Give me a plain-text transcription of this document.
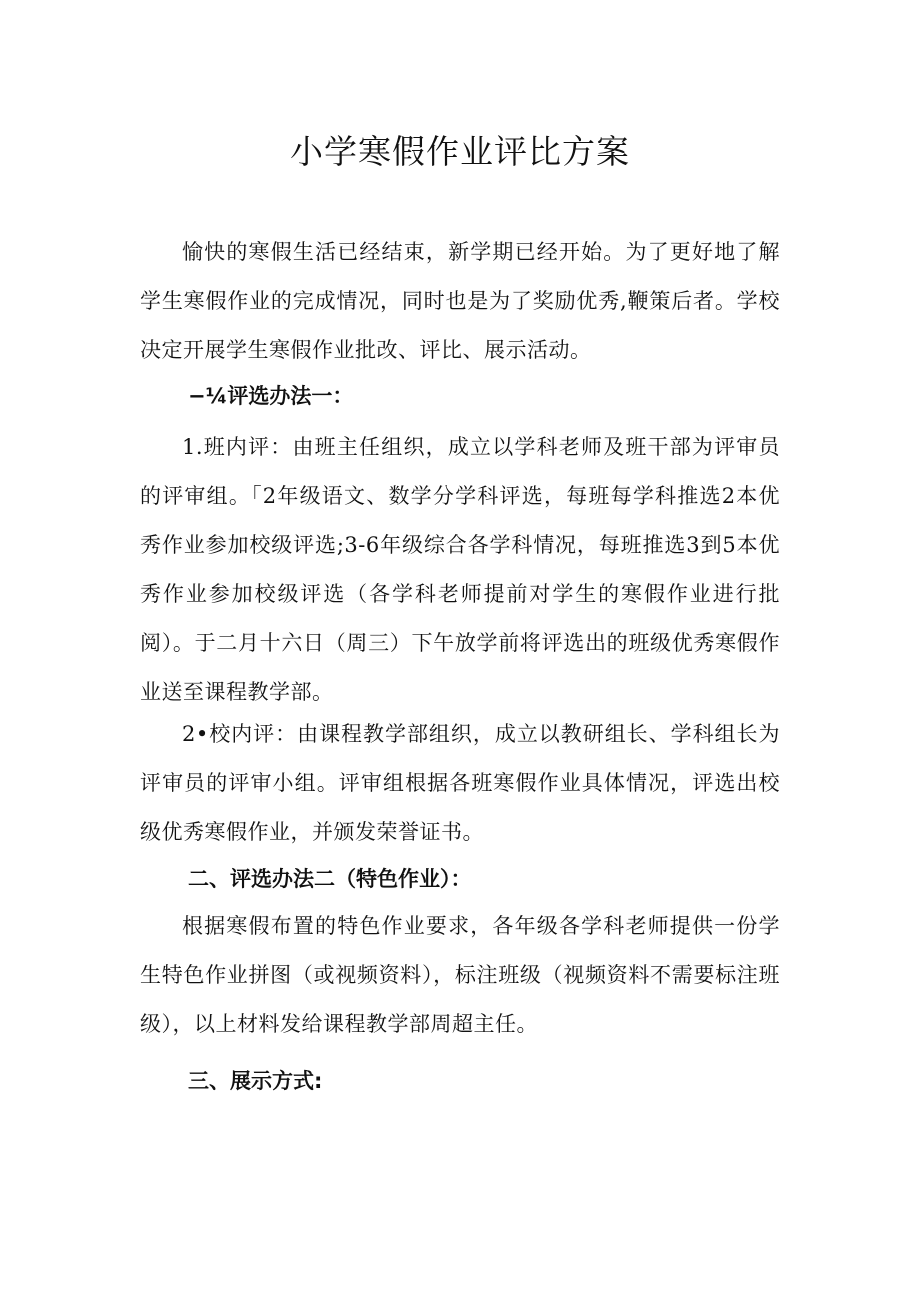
小学寒假作业评比方案

愉快的寒假生活已经结束，新学期已经开始。为了更好地了解学生寒假作业的完成情况，同时也是为了奖励优秀,鞭策后者。学校决定开展学生寒假作业批改、评比、展示活动。

−¼评选办法一：

1.班内评：由班主任组织，成立以学科老师及班干部为评审员的评审组。「2年级语文、数学分学科评选，每班每学科推选2本优秀作业参加校级评选;3-6年级综合各学科情况，每班推选3到5本优秀作业参加校级评选（各学科老师提前对学生的寒假作业进行批阅）。于二月十六日（周三）下午放学前将评选出的班级优秀寒假作业送至课程教学部。

2•校内评：由课程教学部组织，成立以教研组长、学科组长为评审员的评审小组。评审组根据各班寒假作业具体情况，评选出校级优秀寒假作业，并颁发荣誉证书。

二、评选办法二（特色作业）：

根据寒假布置的特色作业要求，各年级各学科老师提供一份学生特色作业拼图（或视频资料），标注班级（视频资料不需要标注班级），以上材料发给课程教学部周超主任。

三、展示方式:
